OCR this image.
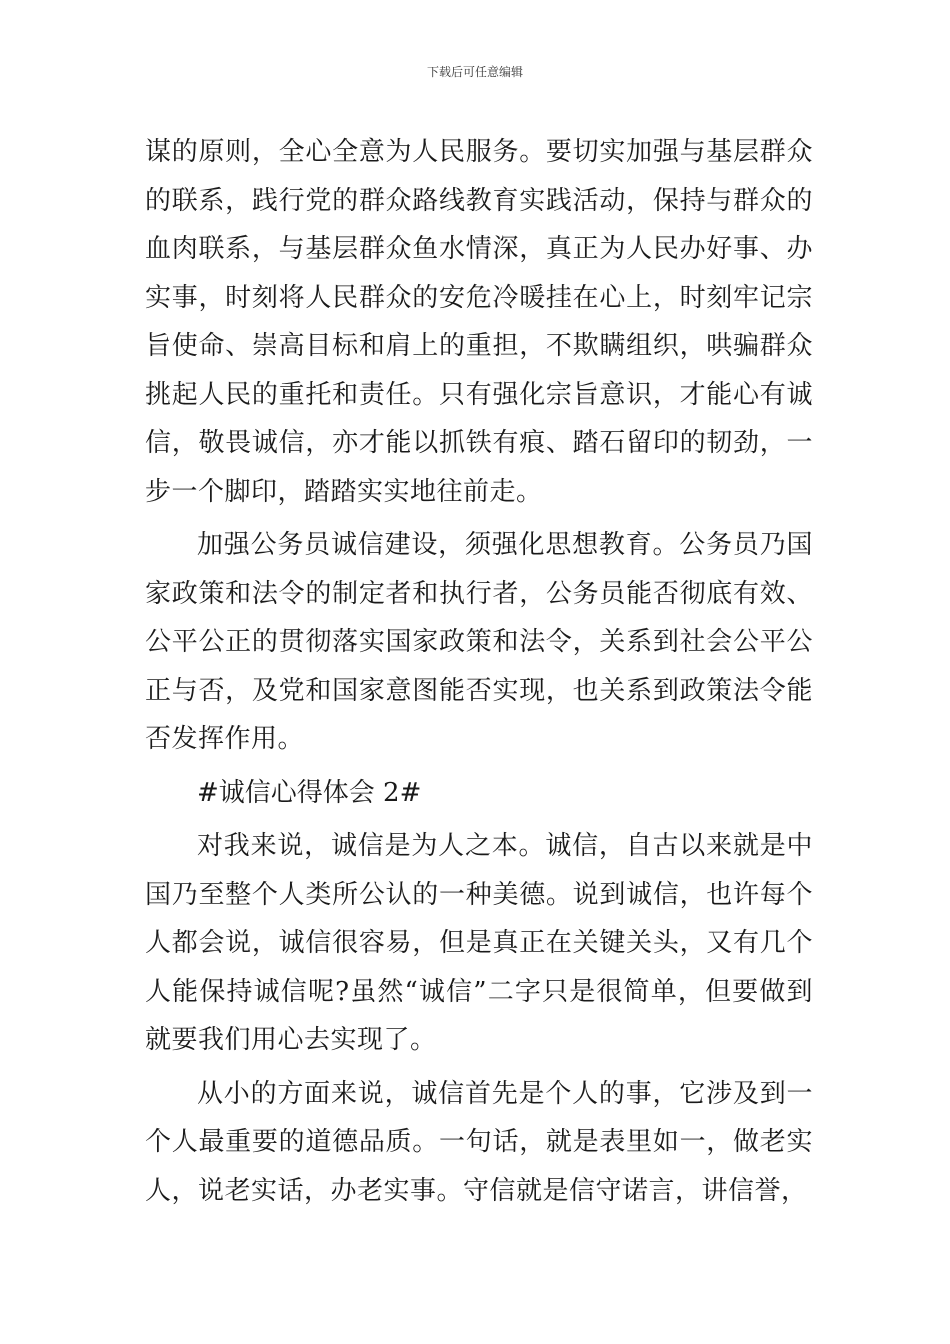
下载后可任意编辑

谋的原则，全心全意为人民服务。要切实加强与基层群众的联系，践行党的群众路线教育实践活动，保持与群众的血肉联系，与基层群众鱼水情深，真正为人民办好事、办实事，时刻将人民群众的安危冷暖挂在心上，时刻牢记宗旨使命、崇高目标和肩上的重担，不欺瞒组织，哄骗群众挑起人民的重托和责任。只有强化宗旨意识，才能心有诚信，敬畏诚信，亦才能以抓铁有痕、踏石留印的韧劲，一步一个脚印，踏踏实实地往前走。

加强公务员诚信建设，须强化思想教育。公务员乃国家政策和法令的制定者和执行者，公务员能否彻底有效、公平公正的贯彻落实国家政策和法令，关系到社会公平公正与否，及党和国家意图能否实现，也关系到政策法令能否发挥作用。

#诚信心得体会 2#

对我来说，诚信是为人之本。诚信，自古以来就是中国乃至整个人类所公认的一种美德。说到诚信，也许每个人都会说，诚信很容易，但是真正在关键关头，又有几个人能保持诚信呢?虽然“诚信”二字只是很简单，但要做到就要我们用心去实现了。

从小的方面来说，诚信首先是个人的事，它涉及到一个人最重要的道德品质。一句话，就是表里如一，做老实人，说老实话，办老实事。守信就是信守诺言，讲信誉，
